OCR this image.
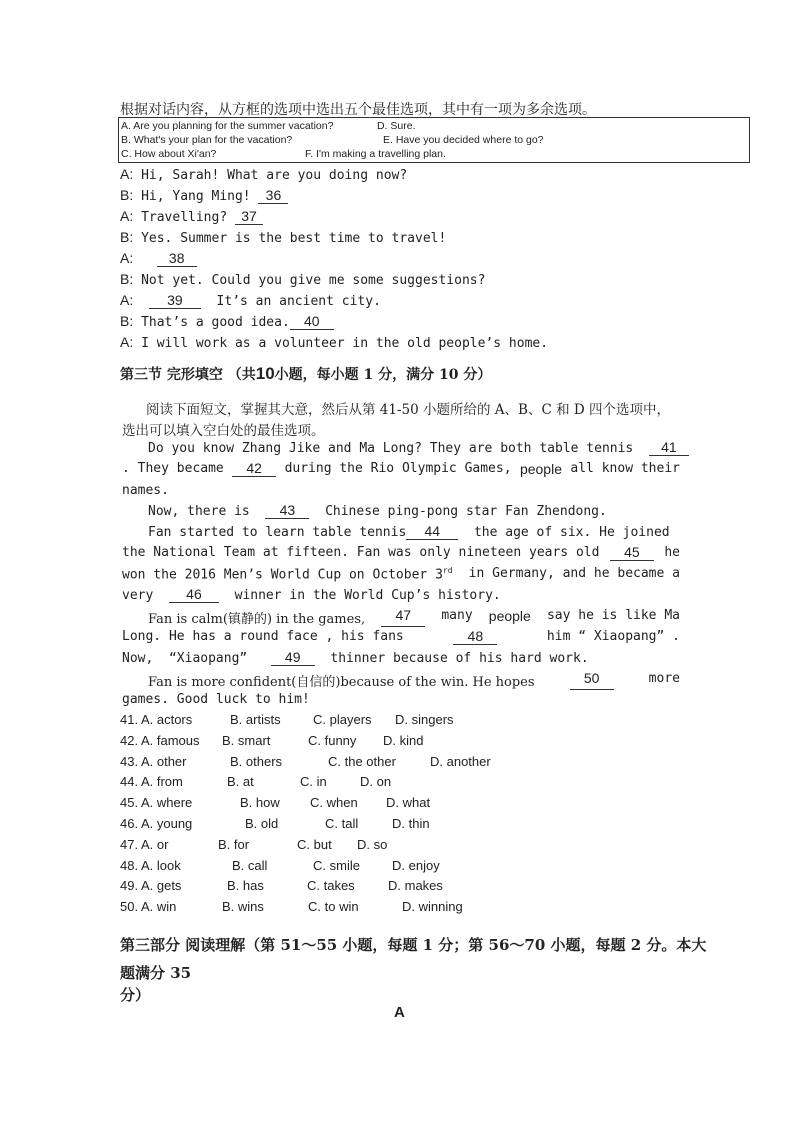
根据对话内容，从方框的选项中选出五个最佳选项，其中有一项为多余选项。
A. Are you planning for the summer vacation?	D. Sure.
B. What's your plan for the vacation?	E. Have you decided where to go?
C. How about Xi'an?	F. I'm making a travelling plan.
A: Hi, Sarah! What are you doing now?
B: Hi, Yang Ming! 36
A: Travelling? 37
B: Yes. Summer is the best time to travel!
A:	38
B: Not yet. Could you give me some suggestions?
A: 39  It’s an ancient city.
B: That’s a good idea. 40
A: I will work as a volunteer in the old people’s home.
第三节 完形填空 （共10小题，每小题 1 分，满分 10 分）
阅读下面短文，掌握其大意，然后从第 41-50 小题所给的 A、B、C 和 D 四个选项中，
选出可以填入空白处的最佳选项。
Do you know Zhang Jike and Ma Long? They are both table tennis 41
. They became	42	during the Rio Olympic Games, people all know their
names.
Now, there is 43 Chinese ping-pong star Fan Zhendong.
Fan started to learn table tennis 44	the age of six. He joined
the National Team at fifteen. Fan was only nineteen years old	45	he
won the 2016 Men’s World Cup on October 3rd in Germany, and he became a
very 46	winner in the World Cup’s history.
Fan is calm(镇静的) in the games,	47	many people say he is like Ma
Long. He has a round face , his fans	48	him “ Xiaopang” .
Now,  “Xiaopang”	49 thinner because of his hard work.
Fan is more confident(自信的)because of the win. He hopes	50	more
games. Good luck to him!
41. A. actors	B. artists C. players D. singers
42. A. famous B. smart	C. funny D. kind
43. A. other	B. others	C. the other	D. another
44. A. from	B. at	C. in	D. on
45. A. where	B. how C. when D. what
46. A. young	B. old	C. tall	D. thin
47. A. or	B. for	C. but D. so
48. A. look	B. call	C. smile D. enjoy
49. A. gets	B. has	C. takes	D. makes
50. A. win	B. wins	C. to win	D. winning
第三部分 阅读理解（第 51～55 小题，每题 1 分；第 56～70 小题，每题 2 分。本大
题满分 35
分）
A
